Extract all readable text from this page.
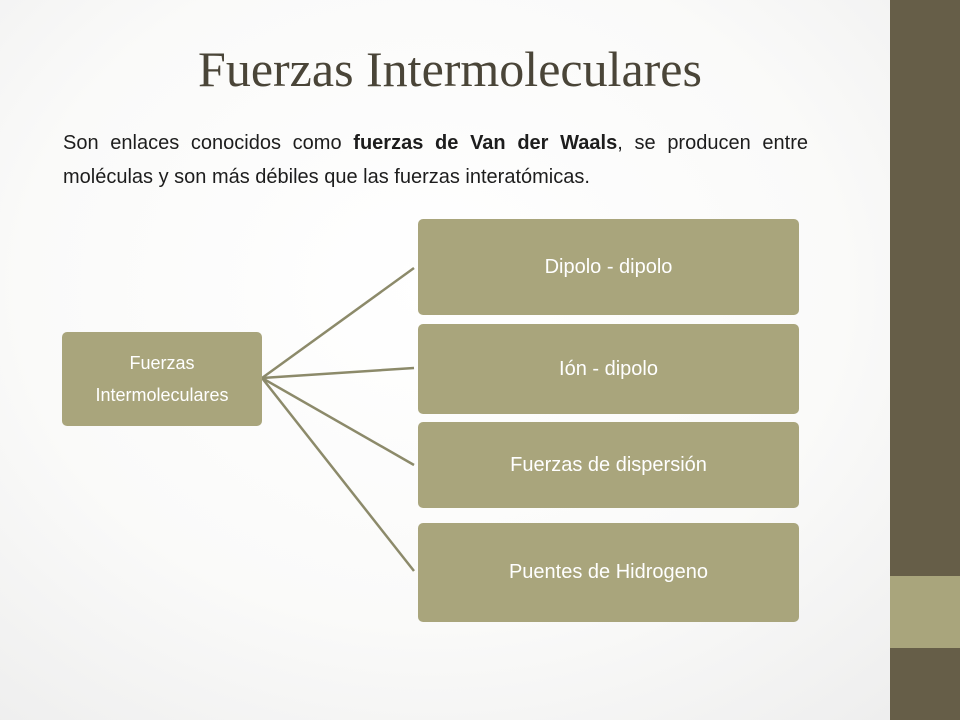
Fuerzas Intermoleculares

Son enlaces conocidos como fuerzas de Van der Waals, se producen entre moléculas y son más débiles que las fuerzas interatómicas.

Fuerzas
Intermoleculares
Dipolo - dipolo
Ión - dipolo
Fuerzas de dispersión
Puentes de Hidrogeno
